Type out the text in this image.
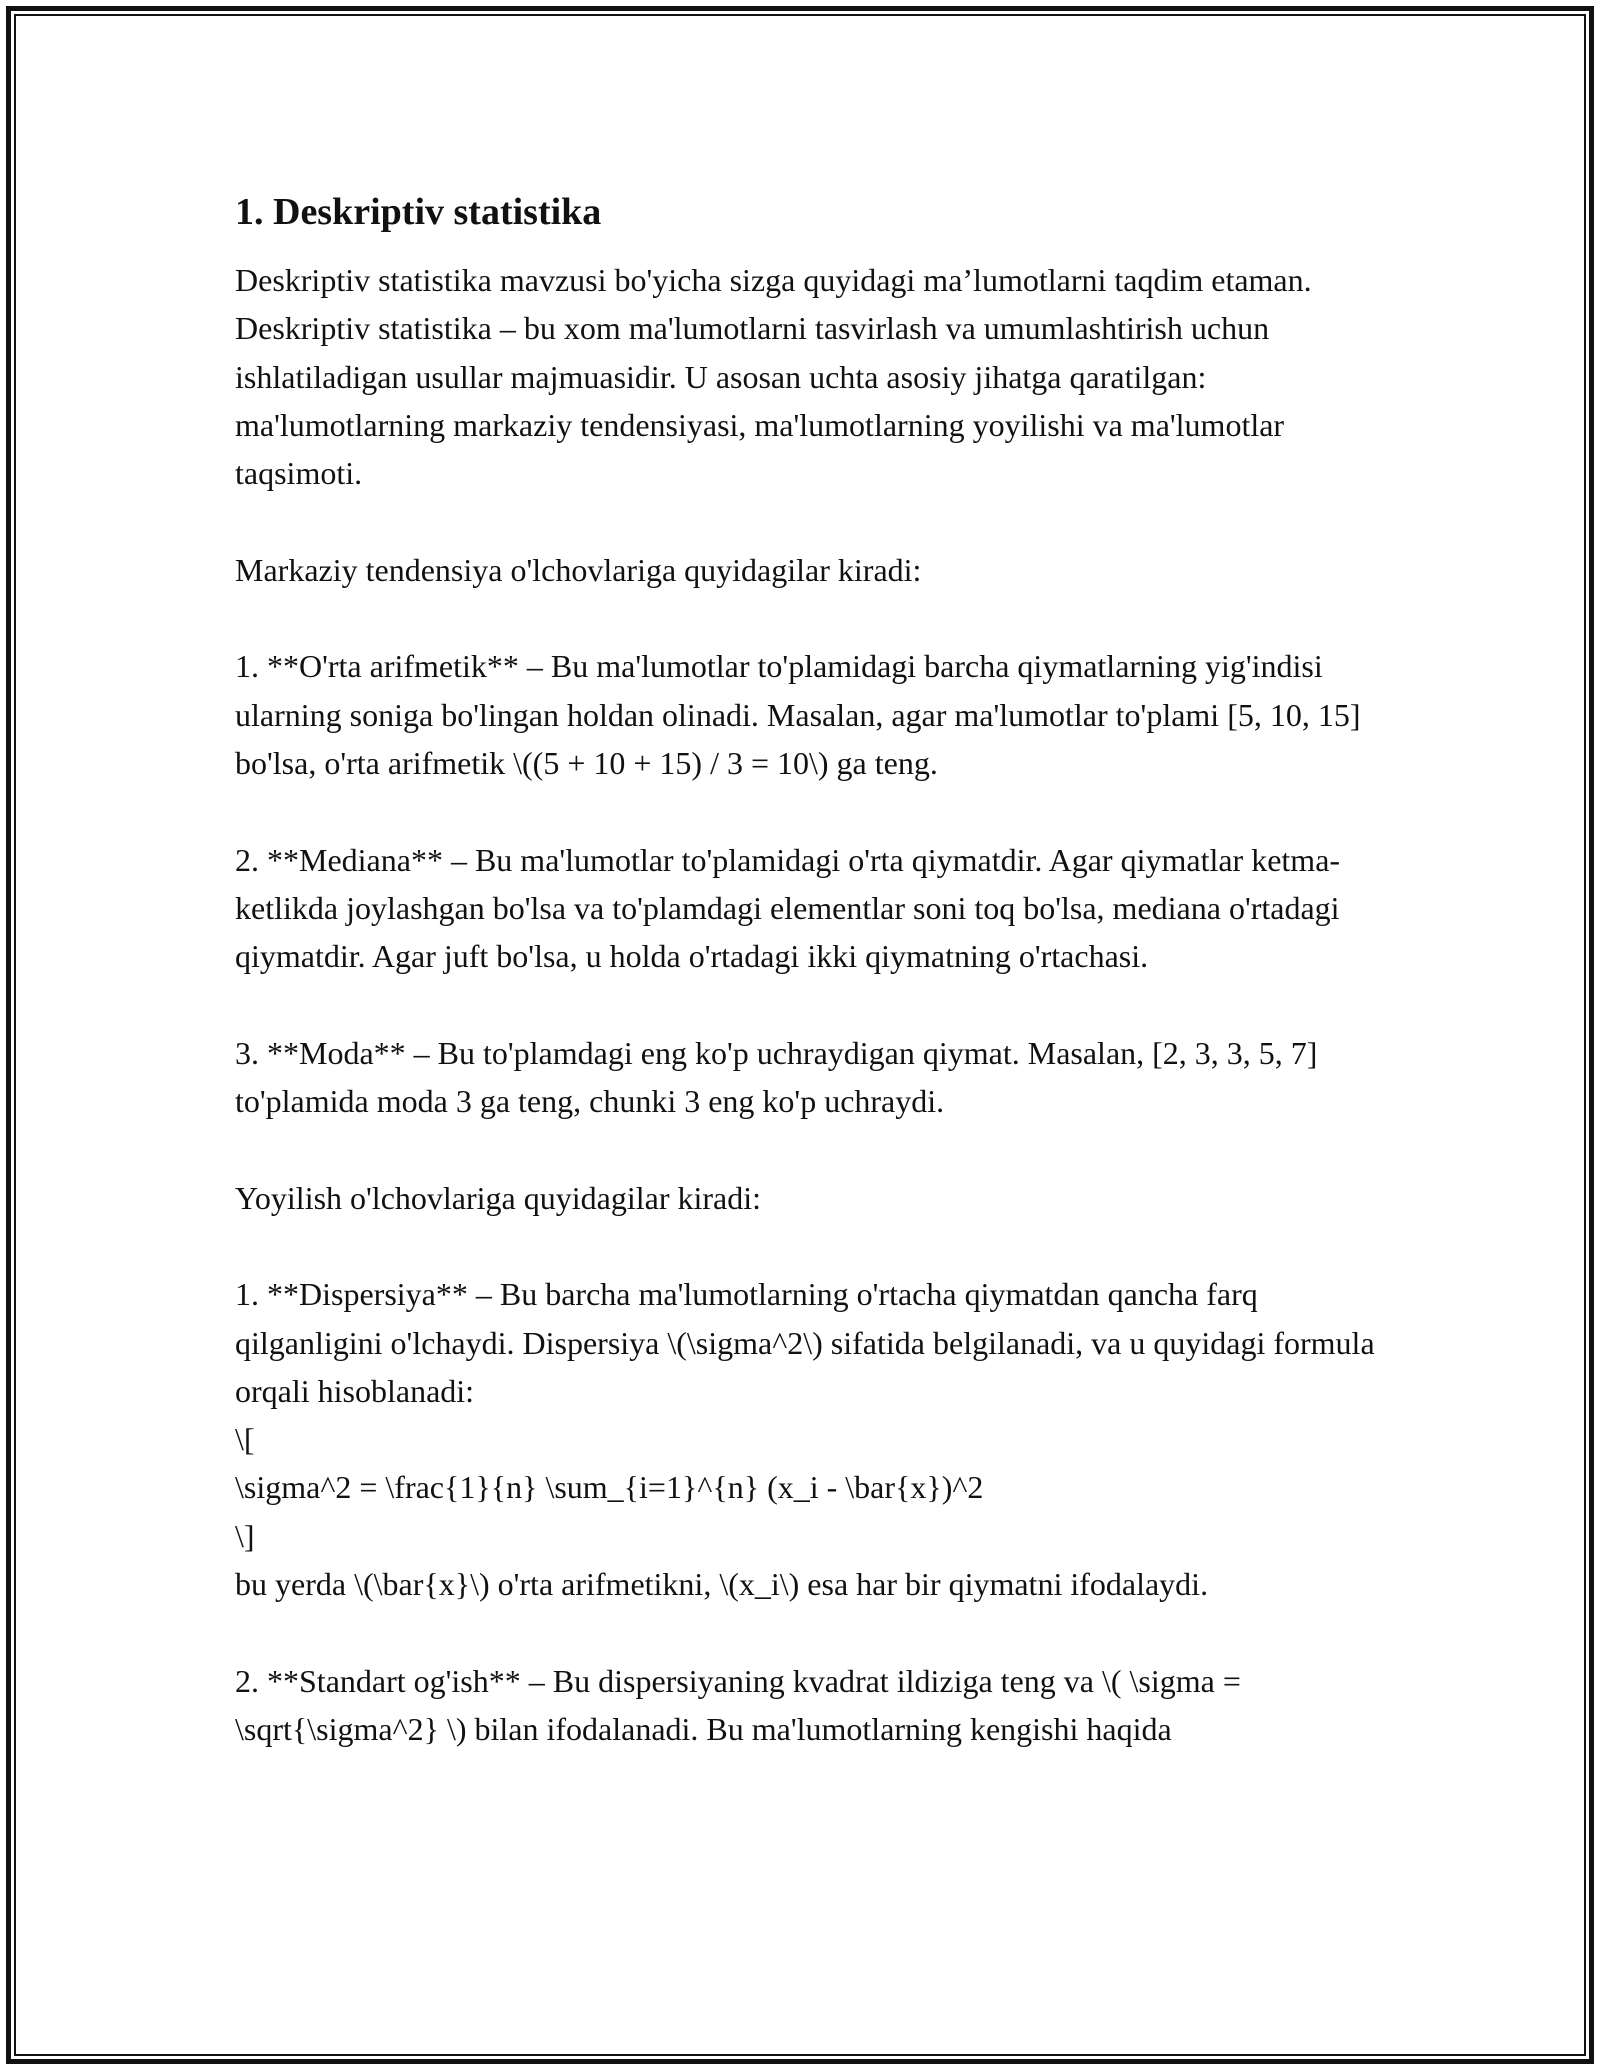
1. Deskriptiv statistika
Deskriptiv statistika mavzusi bo'yicha sizga quyidagi ma’lumotlarni taqdim etaman. Deskriptiv statistika – bu xom ma'lumotlarni tasvirlash va umumlashtirish uchun ishlatiladigan usullar majmuasidir. U asosan uchta asosiy jihatga qaratilgan: ma'lumotlarning markaziy tendensiyasi, ma'lumotlarning yoyilishi va ma'lumotlar taqsimoti.
Markaziy tendensiya o'lchovlariga quyidagilar kiradi:
1. **O'rta arifmetik** – Bu ma'lumotlar to'plamidagi barcha qiymatlarning yig'indisi ularning soniga bo'lingan holdan olinadi. Masalan, agar ma'lumotlar to'plami [5, 10, 15] bo'lsa, o'rta arifmetik \((5 + 10 + 15) / 3 = 10\) ga teng.
2. **Mediana** – Bu ma'lumotlar to'plamidagi o'rta qiymatdir. Agar qiymatlar ketma-ketlikda joylashgan bo'lsa va to'plamdagi elementlar soni toq bo'lsa, mediana o'rtadagi qiymatdir. Agar juft bo'lsa, u holda o'rtadagi ikki qiymatning o'rtachasi.
3. **Moda** – Bu to'plamdagi eng ko'p uchraydigan qiymat. Masalan, [2, 3, 3, 5, 7] to'plamida moda 3 ga teng, chunki 3 eng ko'p uchraydi.
Yoyilish o'lchovlariga quyidagilar kiradi:
1. **Dispersiya** – Bu barcha ma'lumotlarning o'rtacha qiymatdan qancha farq qilganligini o'lchaydi. Dispersiya \(\sigma^2\) sifatida belgilanadi, va u quyidagi formula orqali hisoblanadi:
\[
\sigma^2 = \frac{1}{n} \sum_{i=1}^{n} (x_i - \bar{x})^2
\]
bu yerda \(\bar{x}\) o'rta arifmetikni, \(x_i\) esa har bir qiymatni ifodalaydi.
2. **Standart og'ish** – Bu dispersiyaning kvadrat ildiziga teng va \( \sigma = \sqrt{\sigma^2} \) bilan ifodalanadi. Bu ma'lumotlarning kengishi haqida
